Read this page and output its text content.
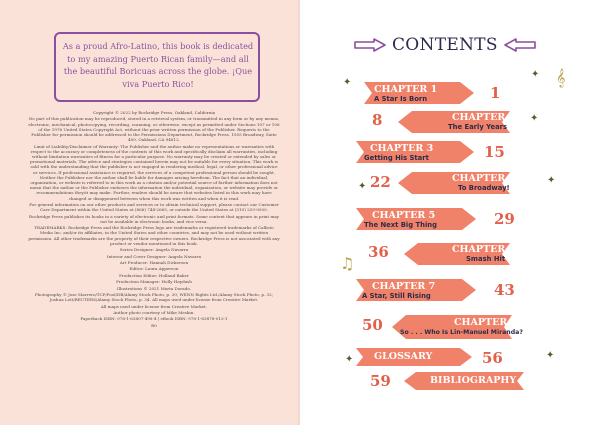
As a proud Afro-Latino, this book is dedicated to my amazing Puerto Rican family—and all the beautiful Boricuas across the globe. ¡Que viva Puerto Rico!

Copyright © 2022 by Rockridge Press, Oakland, California

No part of this publication may be reproduced, stored in a retrieval system, or transmitted in any form or by any means, electronic, mechanical, photocopying, recording, scanning, or otherwise, except as permitted under Sections 107 or 108 of the 1976 United States Copyright Act, without the prior written permission of the Publisher. Requests to the Publisher for permission should be addressed to the Permissions Department, Rockridge Press, 1955 Broadway, Suite 400, Oakland, CA 94612.

Limit of Liability/Disclaimer of Warranty: The Publisher and the author make no representations or warranties with respect to the accuracy or completeness of the contents of this work and specifically disclaim all warranties, including without limitation warranties of fitness for a particular purpose. No warranty may be created or extended by sales or promotional materials. The advice and strategies contained herein may not be suitable for every situation. This work is sold with the understanding that the publisher is not engaged in rendering medical, legal, or other professional advice or services. If professional assistance is required, the services of a competent professional person should be sought. Neither the Publisher nor the author shall be liable for damages arising herefrom. The fact that an individual, organization, or website is referred to in this work as a citation and/or potential source of further information does not mean that the author or the Publisher endorses the information the individual, organization, or website may provide or recommendations they/it may make. Further, readers should be aware that websites listed in this work may have changed or disappeared between when this work was written and when it is read.

For general information on our other products and services or to obtain technical support, please contact our Customer Care Department within the United States at (866) 744-2665, or outside the United States at (510) 253-0500.

Rockridge Press publishes its books in a variety of electronic and print formats. Some content that appears in print may not be available in electronic books, and vice versa.

TRADEMARKS: Rockridge Press and the Rockridge Press logo are trademarks or registered trademarks of Callisto Media Inc. and/or its affiliates, in the United States and other countries, and may not be used without written permission. All other trademarks are the property of their respective owners. Rockridge Press is not associated with any product or vendor mentioned in this book.

Series Designer: Angela Navarra

Interior and Cover Designer: Angela Navarra

Art Producer: Hannah Dickerson

Editor: Laura Apperson

Production Editor: Holland Baker

Production Manager: Holly Haydash

Illustrations © 2021 Marta Dorado.

Photography © Jose Marrero/TCP/Pool/DB/Alamy Stock Photo, p. 30; WENN Rights Ltd./Alamy Stock Photo, p. 32; Joshua Lott/REUTERS/Alamy Stock Photo, p. 34. All maps used under license from Creative Market.

All maps used under license from Creative Market.

Author photo courtesy of Mike Meskin.

Paperback ISBN: 978-1-63807-498-4 | eBook ISBN: 978-1-63878-013-1

R0

CONTENTS
CHAPTER 1
A Star Is Born	1
8	CHAPTER 2
The Early Years
CHAPTER 3
Getting His Start	15
22	CHAPTER 4
To Broadway!
CHAPTER 5
The Next Big Thing	29
36	CHAPTER 6
Smash Hit
CHAPTER 7
A Star, Still Rising	43
50	CHAPTER 8
So . . . Who Is Lin-Manuel Miranda?
GLOSSARY	56
59	BIBLIOGRAPHY
✦
✦ 𝄞
✦
✦
✦
♫
✦	✦
